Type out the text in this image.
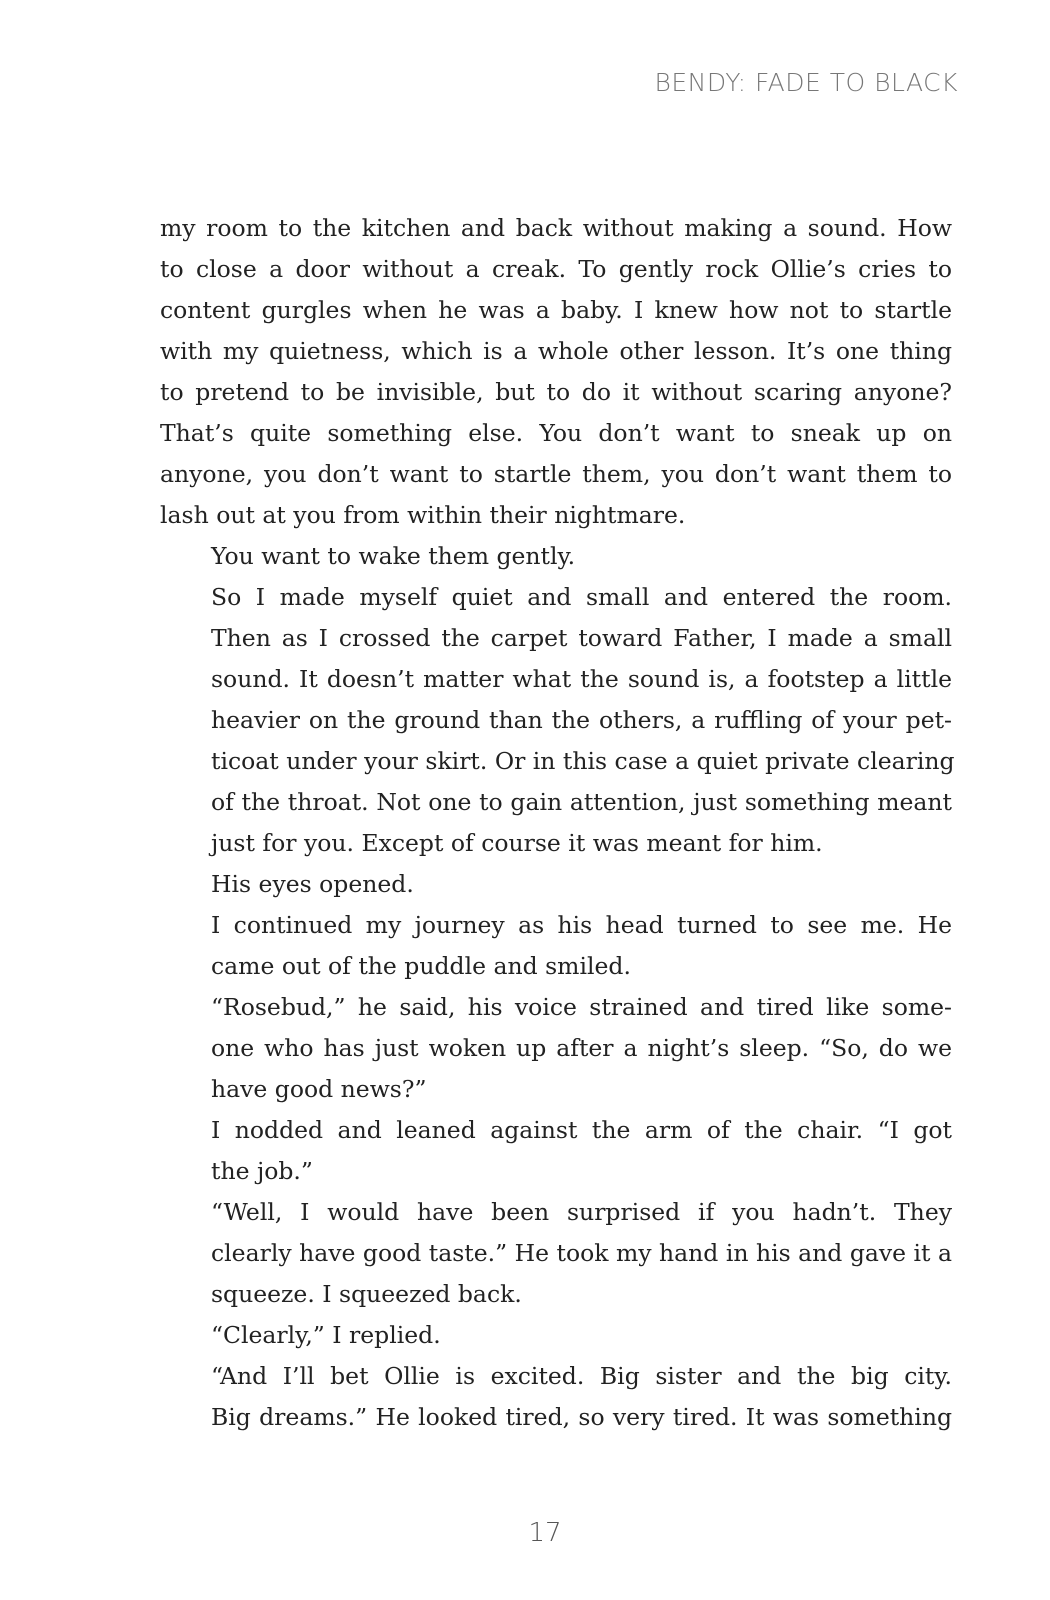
BENDY: FADE TO BLACK

my room to the kitchen and back without making a sound. How
to close a door without a creak. To gently rock Ollie’s cries to
content gurgles when he was a baby. I knew how not to startle
with my quietness, which is a whole other lesson. It’s one thing
to pretend to be invisible, but to do it without scaring anyone?
That’s quite something else. You don’t want to sneak up on
anyone, you don’t want to startle them, you don’t want them to
lash out at you from within their nightmare.

You want to wake them gently.

So I made myself quiet and small and entered the room.
Then as I crossed the carpet toward Father, I made a small
sound. It doesn’t matter what the sound is, a footstep a little
heavier on the ground than the others, a ruffling of your pet-
ticoat under your skirt. Or in this case a quiet private clearing
of the throat. Not one to gain attention, just something meant
just for you. Except of course it was meant for him.

His eyes opened.

I continued my journey as his head turned to see me. He
came out of the puddle and smiled.

“Rosebud,” he said, his voice strained and tired like some-
one who has just woken up after a night’s sleep. “So, do we
have good news?”

I nodded and leaned against the arm of the chair. “I got
the job.”

“Well, I would have been surprised if you hadn’t. They
clearly have good taste.” He took my hand in his and gave it a
squeeze. I squeezed back.

“Clearly,” I replied.

“And I’ll bet Ollie is excited. Big sister and the big city.
Big dreams.” He looked tired, so very tired. It was something

17
